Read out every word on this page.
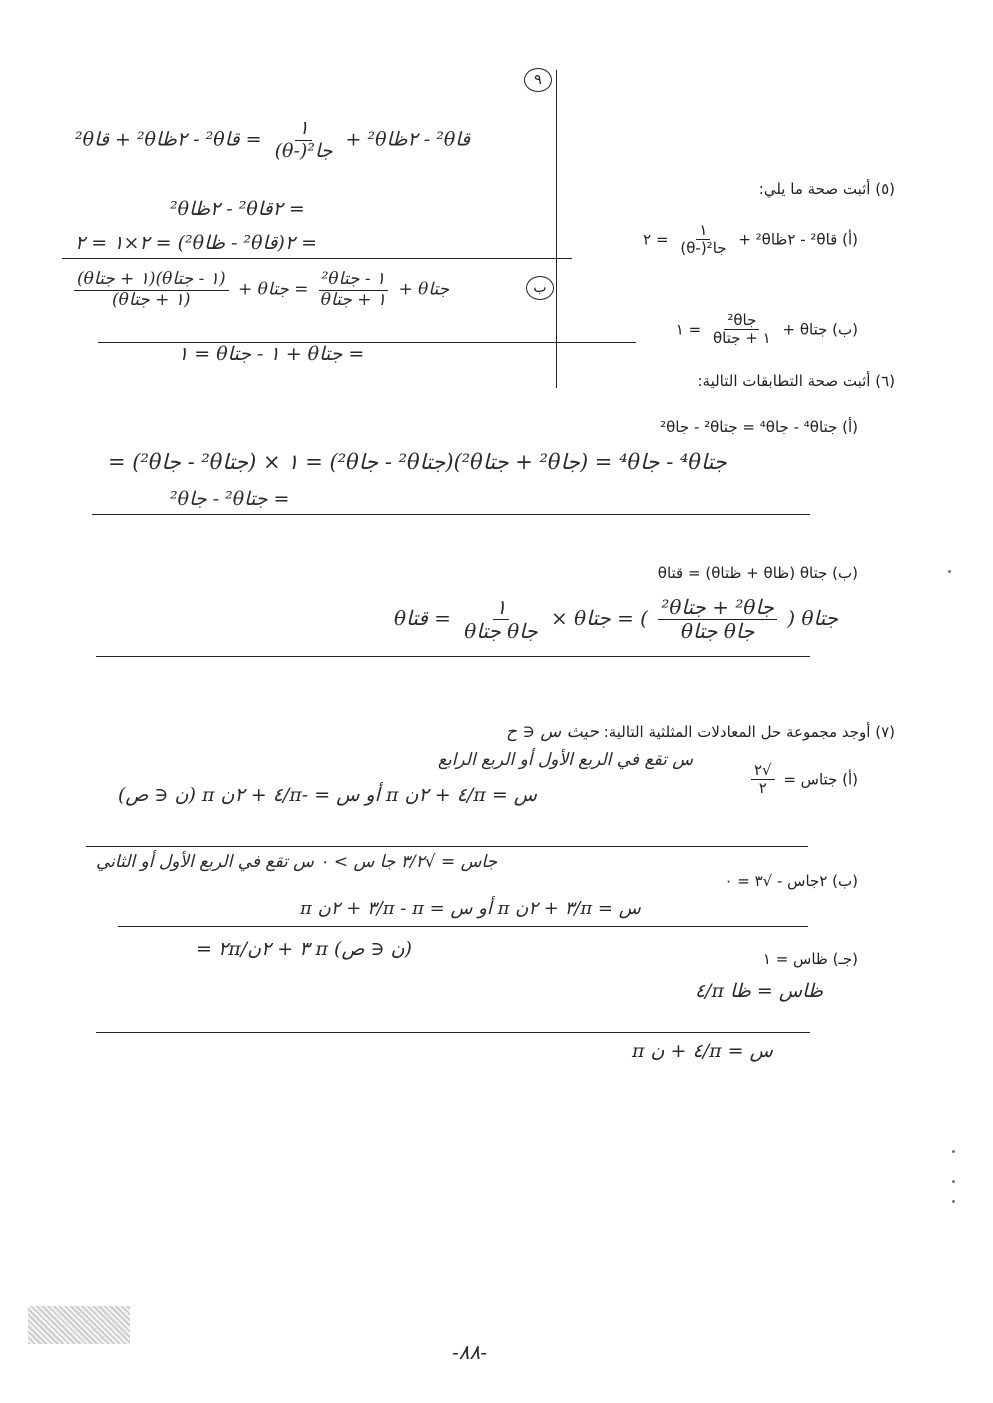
٩
قا²θ - ٢ظا²θ +
$\frac{١}{\text{جا²(-θ)}}$
= قا²θ - ٢ظا²θ + قا²θ
= ٢قا²θ - ٢ظا²θ
= ٢(قا²θ - ظا²θ) = ٢×١ = ٢
ب
جتاθ +
$\frac{\text{١ - جتا²θ}}{\text{١ + جتاθ}}$
= جتاθ +
$\frac{\text{(١ - جتاθ)(١ + جتاθ)}}{\text{(١ + جتاθ)}}$
= جتاθ + ١ - جتاθ = ١
(٥) أثبت صحة ما يلي:
(أ) قا²θ - ٢ظا²θ +
$\frac{١}{\text{جا²(-θ)}}$
= ٢
(ب) جتاθ +
$\frac{\text{جا²θ}}{\text{١ + جتاθ}}$
= ١
(٦) أثبت صحة التطابقات التالية:
(أ) جتا⁴θ - جا⁴θ = جتا²θ - جا²θ
جتا⁴θ - جا⁴θ = (جا²θ + جتا²θ)(جتا²θ - جا²θ) = ١ × (جتا²θ - جا²θ) =
= جتا²θ - جا²θ
(ب) جتاθ (ظاθ + ظتاθ) = قتاθ
جتاθ (
$\frac{\text{جا²θ + جتا²θ}}{\text{جاθ جتاθ}}$
) = جتاθ ×
$\frac{١}{\text{جاθ جتاθ}}$
= قتاθ
(٧) أوجد مجموعة حل المعادلات المثلثية التالية: حيث س ∈ ح
س تقع في الربع الأول أو الربع الرابع
(أ) جتاس =
$\frac{√٢}{٢}$
س = π/٤ + ٢ن π أو س = -π/٤ + ٢ن π (ن ∈ ص)
جاس = √٣/٢ جا س > ٠ س تقع في الربع الأول أو الثاني
(ب) ٢جاس - √٣ = ٠
س = π/٣ + ٢ن π أو س = π - π/٣ + ٢ن π
= ٢π/٣ + ٢ن π (ن ∈ ص)	(جـ) ظاس = ١
ظاس = ظا π/٤
س = π/٤ + ن π
-٨٨-
